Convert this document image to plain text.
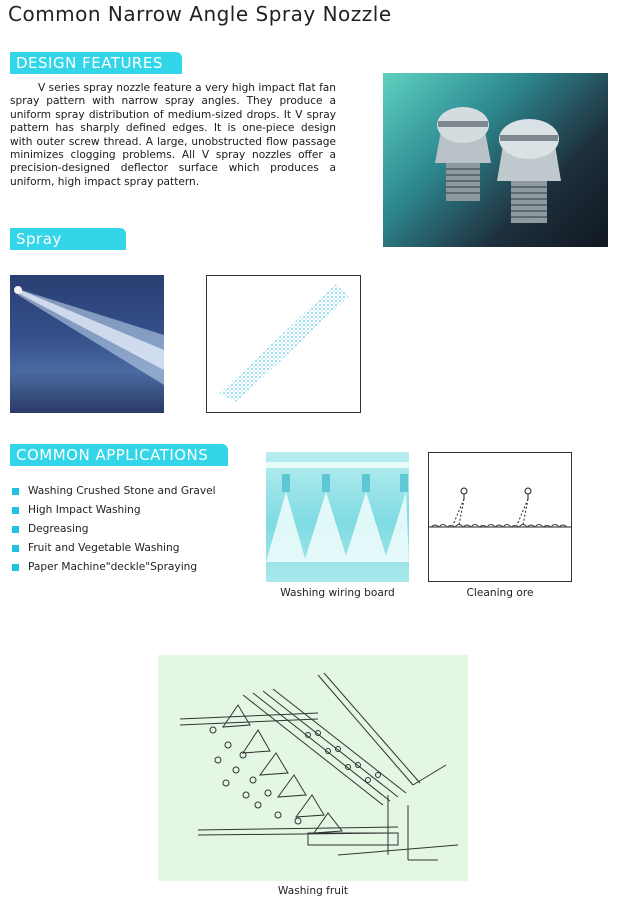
Common Narrow Angle Spray Nozzle
DESIGN FEATURES

V series spray nozzle feature a very high impact flat fan spray pattern with narrow spray angles. They produce a uniform spray distribution of medium-sized drops. It V spray pattern has sharply defined edges. It is one-piece design with outer screw thread. A large, unobstructed flow passage minimizes clogging problems. All V spray nozzles offer a precision-designed deflector surface which produces a uniform, high impact spray pattern.

Spray Pattern
COMMON APPLICATIONS
Washing Crushed Stone and Gravel
High Impact Washing
Degreasing
Fruit and Vegetable Washing
Paper Machine"deckle"Spraying
Washing wiring board	Cleaning ore
Washing fruit
